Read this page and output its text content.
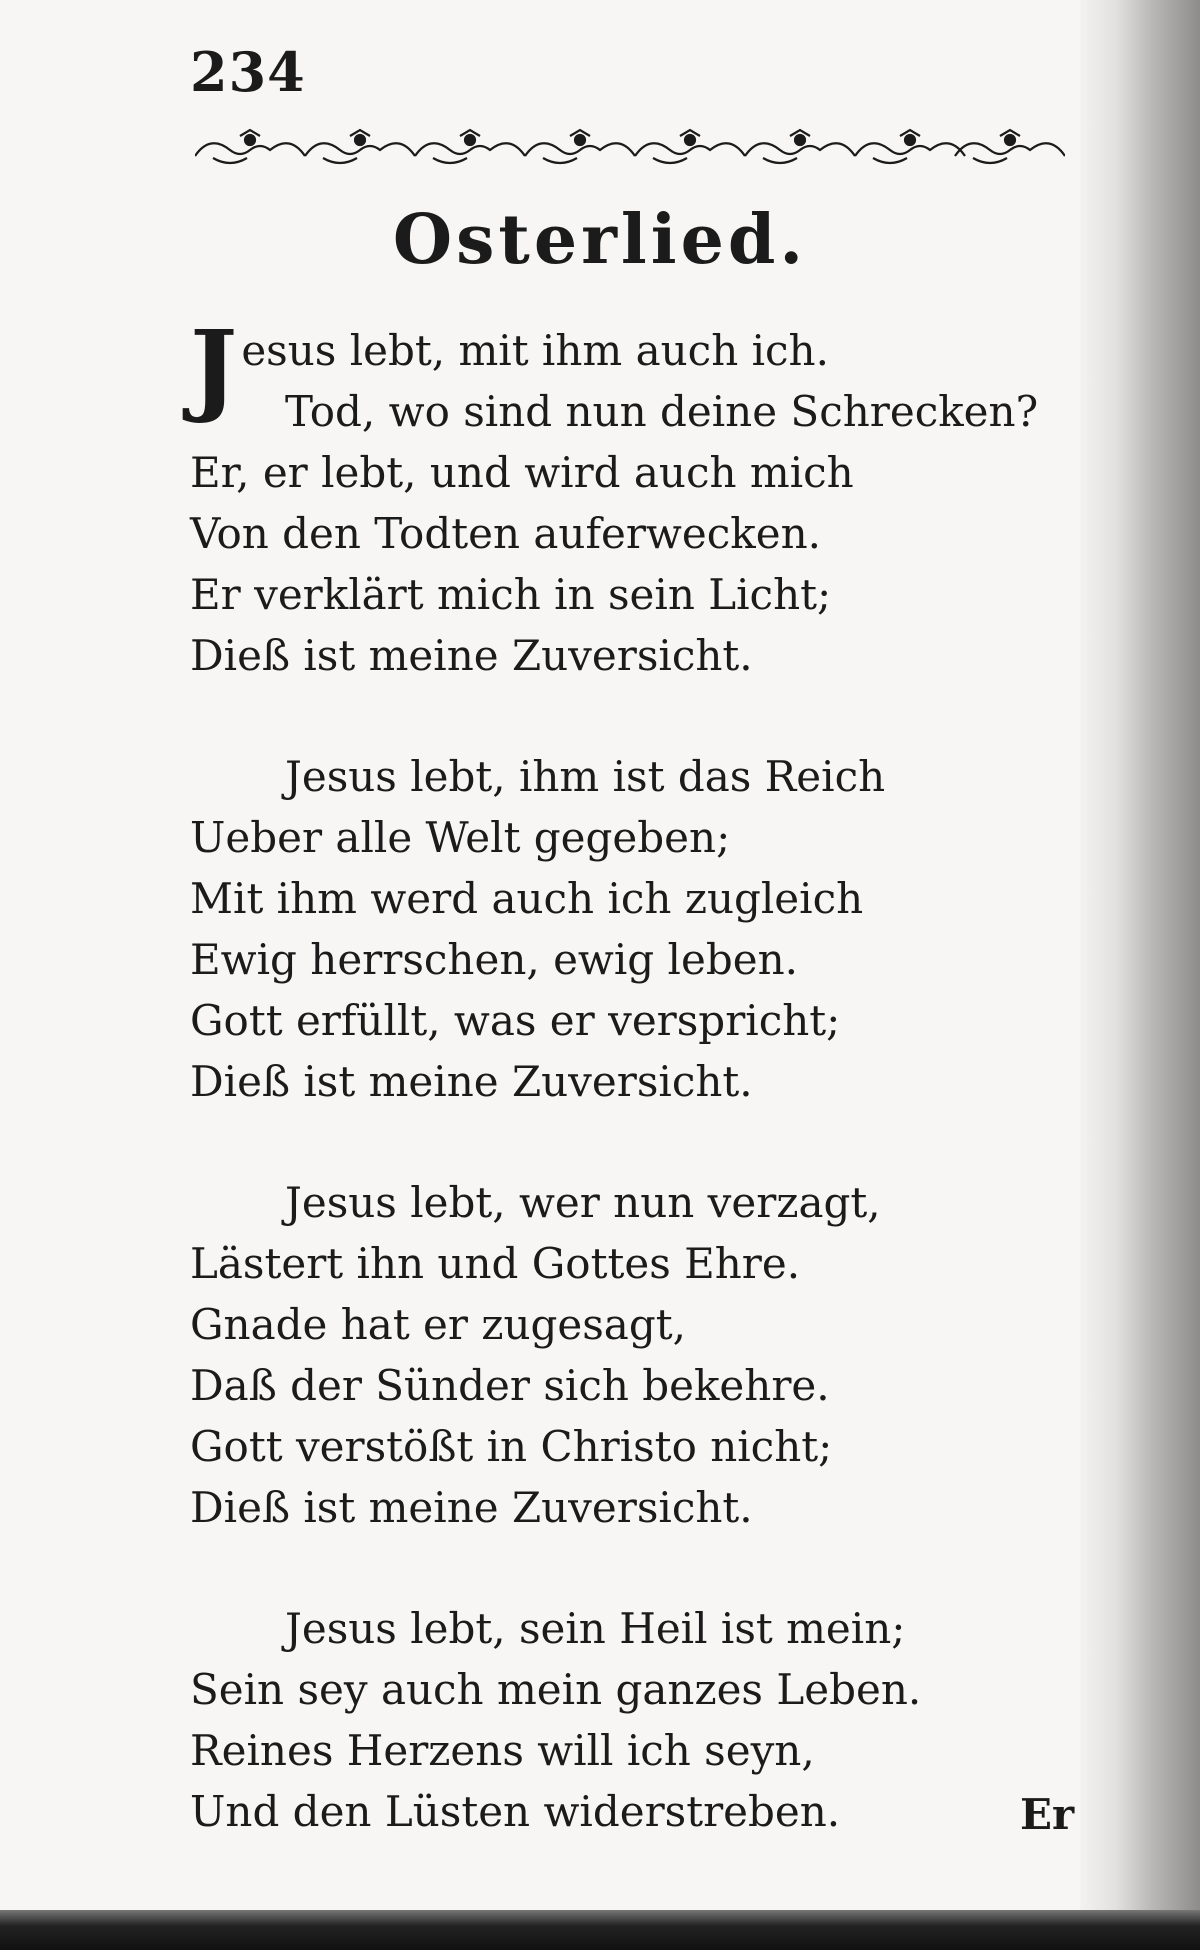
234
Osterlied.
Jesus lebt, mit ihm auch ich.
Tod, wo sind nun deine Schrecken?
Er, er lebt, und wird auch mich
Von den Todten auferwecken.
Er verklärt mich in sein Licht;
Dieß ist meine Zuversicht.
Jesus lebt, ihm ist das Reich
Ueber alle Welt gegeben;
Mit ihm werd auch ich zugleich
Ewig herrschen, ewig leben.
Gott erfüllt, was er verspricht;
Dieß ist meine Zuversicht.
Jesus lebt, wer nun verzagt,
Lästert ihn und Gottes Ehre.
Gnade hat er zugesagt,
Daß der Sünder sich bekehre.
Gott verstößt in Christo nicht;
Dieß ist meine Zuversicht.
Jesus lebt, sein Heil ist mein;
Sein sey auch mein ganzes Leben.
Reines Herzens will ich seyn,
Und den Lüsten widerstreben.	Er
